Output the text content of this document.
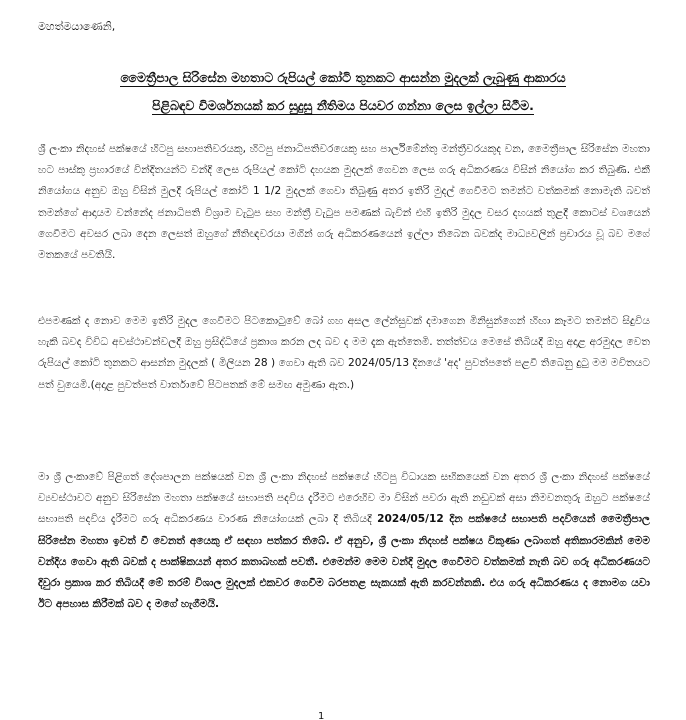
මහත්මයාණෙනි,
මෛත්‍රීපාල සිරිසේන මහතාට රුපියල් කෝටි තුනකට ආසන්න මුදලක් ලැබුණු ආකාරය
පිළිබඳව විමර්ශනයක් කර සුදුසු නීතිමය පියවර ගන්නා ලෙස ඉල්ලා සිටීම.
ශ්‍රී ලංකා නිදහස් පක්ෂයේ හිටපු සභාපතිවරයකු, හිටපු ජනාධිපතිවරයෙකු සහ පාර්ලිමේන්තු මන්ත්‍රීවරයකුද වන, මෛත්‍රීපාල සිරිසේන මහතා හට පාස්කු ප්‍රහාරයේ වින්දිතයන්ට වන්දි ලෙස රුපියල් කෝටි දහයක මුදලක් ගෙවන ලෙස ගරු අධිකරණය විසින් නියෝග කර තිබුණි. එකී නියෝගය අනුව ඔහු විසින් මුලදී රුපියල් කෝටි 1 1/2 මුදලක් ගෙවා තිබුණු අතර ඉතිරි මුදල් ගෙවීමට තමන්ට වත්කමක් නොමැති බවත් තමන්ගේ ආදායම වන්නේද ජනාධිපති විශ්‍රාම වැටුප සහ මන්ත්‍රී වැටුප පමණක් බැවින් එහි ඉතිරි මුදල වසර දහයක් තුළදී කොටස් වශයෙන් ගෙවීමට අවසර ලබා දෙන ලෙසත් ඔහුගේ නීතිඥවරයා මගින් ගරු අධිකරණයෙන් ඉල්ලා තිබෙන බවක්ද මාධ්‍යවලින් ප්‍රචාරය වූ බව මගේ මතකයේ පවතියි.
එපමණක් ද නොව මෙම ඉතිරි මුදල ගෙවීමට පිටකොටුවේ බෝ ගහ අසල ලේන්සුවක් දමාගෙන මිනිසුන්ගෙන් හිඟා කෑමට තමන්ට සිදුවිය හැකි බවද විවිධ අවස්ථාවන්වලදී ඔහු ප්‍රසිද්ධියේ ප්‍රකාශ කරන ලද බව ද මම දැක ඇත්තෙමි. තත්ත්වය මෙසේ තිබියදී ඔහු අදාළ අරමුදල වෙත රුපියල් කෝටි තුනකට ආසන්න මුදලක් ( මිලියන 28 ) ගෙවා ඇති බව 2024/05/13 දිනයේ 'අද' පුවත්පතේ පළවී තිබෙනු දුටු මම මවිතයට පත් වුයෙමි.(අදාළ පුවත්පත් වාර්තාවේ පිටපතක් මේ සමඟ අමුණා ඇත.)
මා ශ්‍රී ලංකාවේ පිළිගත් දේශපාලන පක්ෂයක් වන ශ්‍රී ලංකා නිදහස් පක්ෂයේ හිටපු විධායක සභිකයෙක් වන අතර ශ්‍රී ලංකා නිදහස් පක්ෂයේ ව්‍යවස්ථාවට අනුව සිරිසේන මහතා පක්ෂයේ සභාපති පදවිය දැරීමට එරෙහිව මා විසින් පවරා ඇති නඩුවක් අසා නිමවනතුරු ඔහුට පක්ෂයේ සභාපති පදවිය දැරීමට ගරු අධිකරණය වාරණ නියෝගයක් ලබා දී තිබියදී 2024/05/12 දින පක්ෂයේ සභාපති පදවියෙන් මෛත්‍රීපාල සිරිසේන මහතා ඉවත් වී වෙනත් අයෙකු ඒ සඳහා පත්කර තිබේ. ඒ අනුව, ශ්‍රී ලංකා නිදහස් පක්ෂය විකුණා ලබාගත් අතිකාරමකින් මෙම වන්දිය ගෙවා ඇති බවක් ද පාක්ෂිකයන් අතර කතාබහක් පවතී. එමෙන්ම මෙම වන්දි මුදල ගෙවීමට වත්කමක් නැති බව ගරු අධිකරණයට දිවුරා ප්‍රකාශ කර තිබියදී මේ තරම් විශාල මුදලක් එකවර ගෙවීම බරපතළ සැකයක් ඇති කරවන්නකි. එය ගරු අධිකරණය ද නොමග යවා ඊට අපහාස කිරීමක් බව ද මගේ හැගීමයි.
1
